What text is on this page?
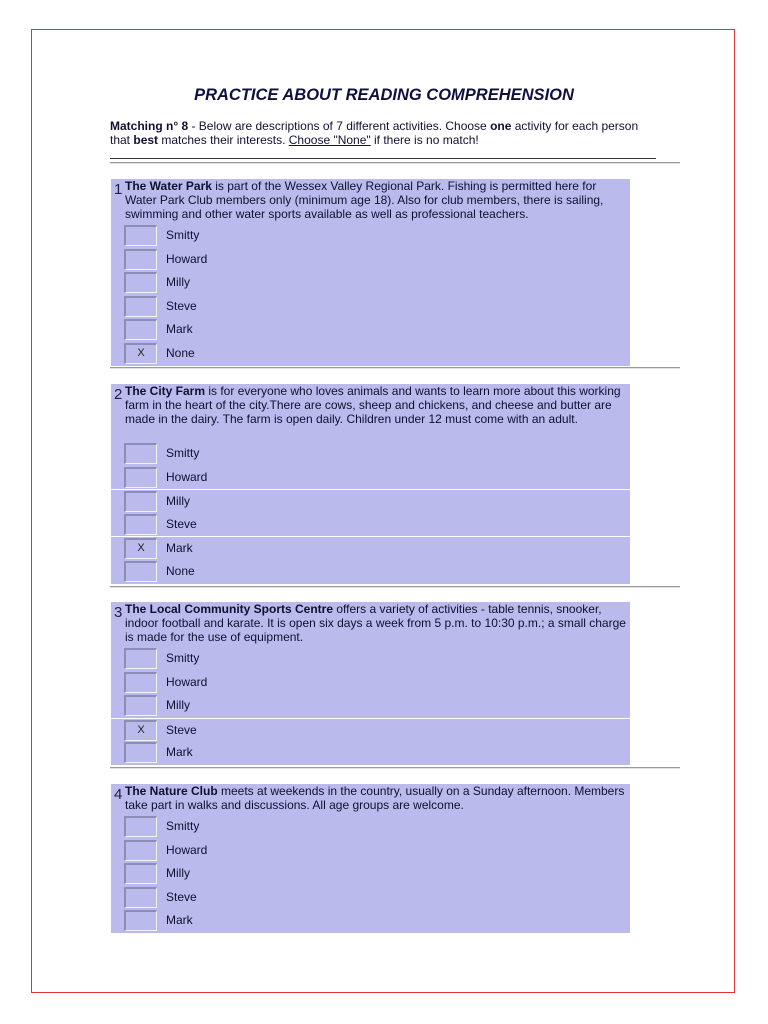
PRACTICE ABOUT READING COMPREHENSION
Matching n° 8 - Below are descriptions of 7 different activities. Choose one activity for each person that best matches their interests. Choose "None" if there is no match!
1 The Water Park is part of the Wessex Valley Regional Park. Fishing is permitted here for Water Park Club members only (minimum age 18). Also for club members, there is sailing, swimming and other water sports available as well as professional teachers.
Smitty
Howard
Milly
Steve
Mark
X	None
2 The City Farm is for everyone who loves animals and wants to learn more about this working farm in the heart of the city.There are cows, sheep and chickens, and cheese and butter are made in the dairy. The farm is open daily. Children under 12 must come with an adult.
Smitty
Howard
Milly
Steve
X	Mark
None
3 The Local Community Sports Centre offers a variety of activities - table tennis, snooker, indoor football and karate. It is open six days a week from 5 p.m. to 10:30 p.m.; a small charge is made for the use of equipment.
Smitty
Howard
Milly
X	Steve
Mark
4 The Nature Club meets at weekends in the country, usually on a Sunday afternoon. Members take part in walks and discussions. All age groups are welcome.
Smitty
Howard
Milly
Steve
Mark
